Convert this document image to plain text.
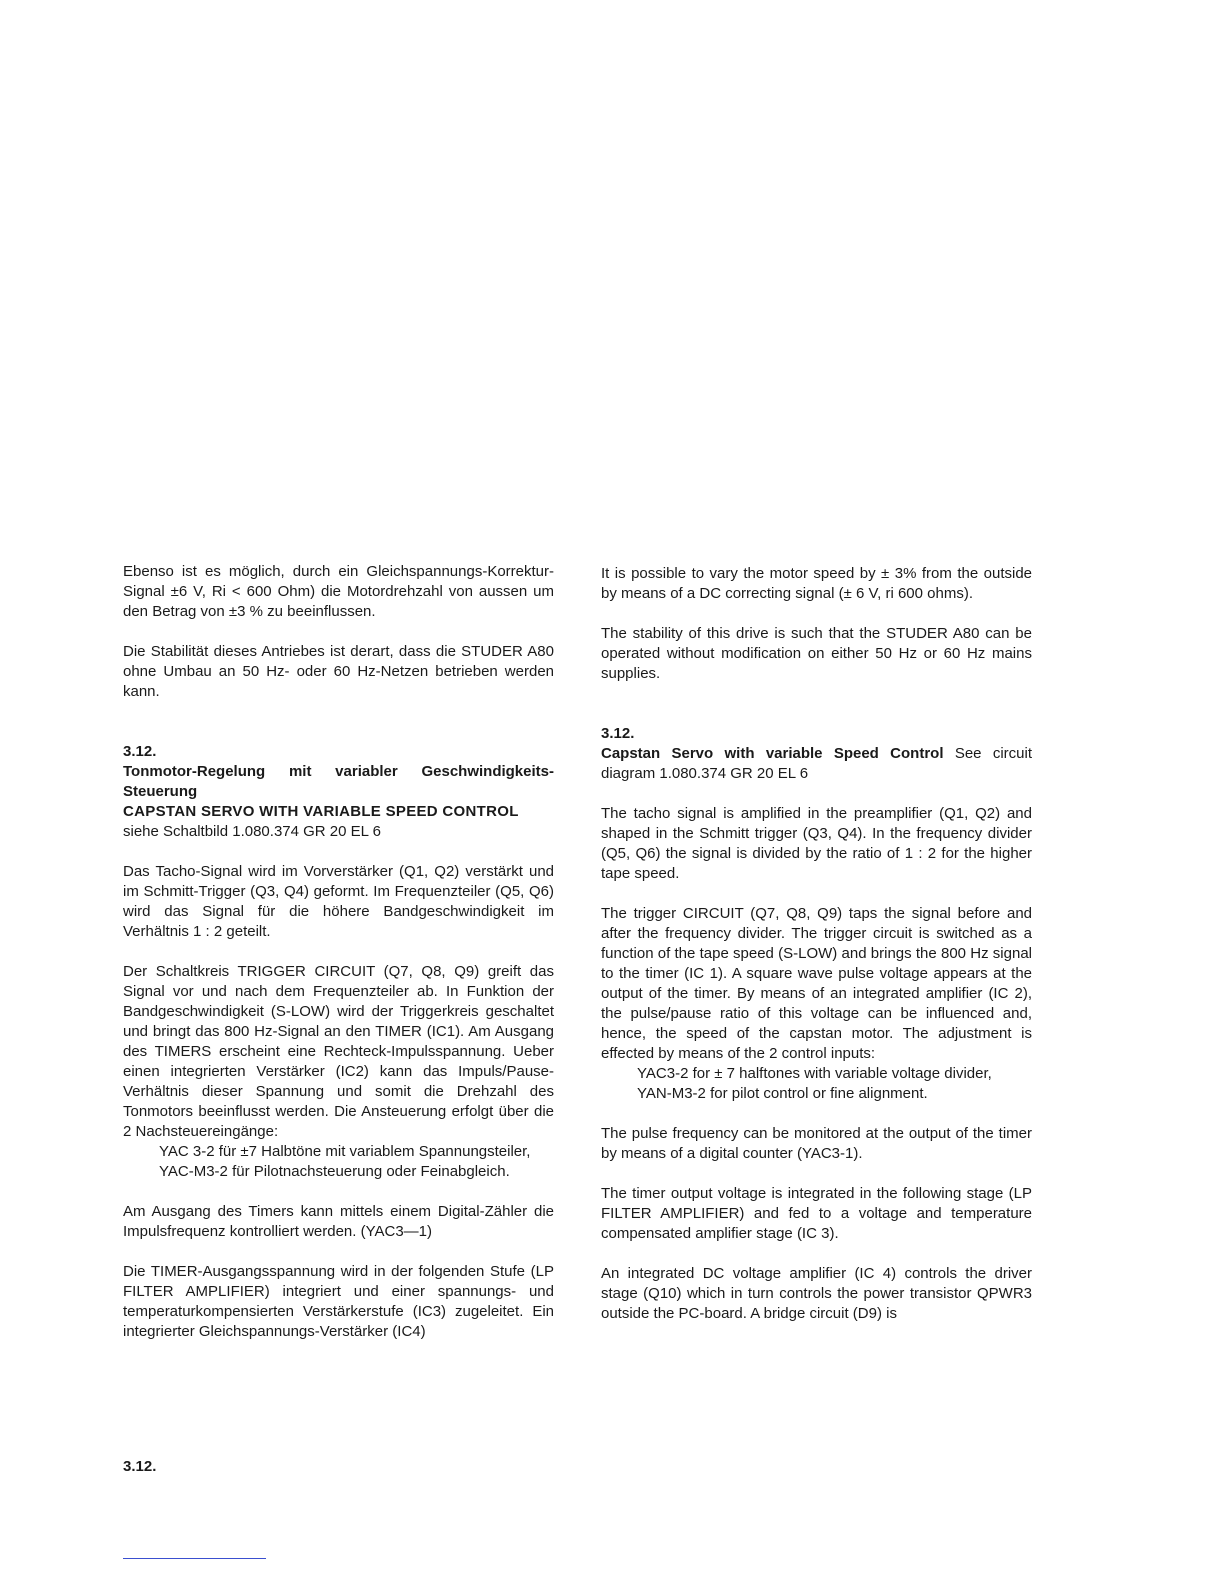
Ebenso ist es möglich, durch ein Gleichspannungs-Korrektur-Signal ±6 V, Ri < 600 Ohm) die Motordrehzahl von aussen um den Betrag von ±3 % zu beeinflussen.

Die Stabilität dieses Antriebes ist derart, dass die STUDER A80 ohne Umbau an 50 Hz- oder 60 Hz-Netzen betrieben werden kann.

3.12.

Tonmotor-Regelung mit variabler Geschwindigkeits-Steuerung

CAPSTAN SERVO WITH VARIABLE SPEED CONTROL

siehe Schaltbild 1.080.374 GR 20 EL 6

Das Tacho-Signal wird im Vorverstärker (Q1, Q2) verstärkt und im Schmitt-Trigger (Q3, Q4) geformt. Im Frequenzteiler (Q5, Q6) wird das Signal für die höhere Bandgeschwindigkeit im Verhältnis 1 : 2 geteilt.

Der Schaltkreis TRIGGER CIRCUIT (Q7, Q8, Q9) greift das Signal vor und nach dem Frequenzteiler ab. In Funktion der Bandgeschwindigkeit (S-LOW) wird der Triggerkreis geschaltet und bringt das 800 Hz-Signal an den TIMER (IC1). Am Ausgang des TIMERS erscheint eine Rechteck-Impulsspannung. Ueber einen integrierten Verstärker (IC2) kann das Impuls/Pause-Verhältnis dieser Spannung und somit die Drehzahl des Tonmotors beeinflusst werden. Die Ansteuerung erfolgt über die 2 Nachsteuereingänge:

YAC 3-2 für ±7 Halbtöne mit variablem Spannungsteiler,

YAC-M3-2 für Pilotnachsteuerung oder Feinabgleich.

Am Ausgang des Timers kann mittels einem Digital-Zähler die Impulsfrequenz kontrolliert werden. (YAC3—1)

Die TIMER-Ausgangsspannung wird in der folgenden Stufe (LP FILTER AMPLIFIER) integriert und einer spannungs- und temperaturkompensierten Verstärkerstufe (IC3) zugeleitet. Ein integrierter Gleichspannungs-Verstärker (IC4)

It is possible to vary the motor speed by ± 3% from the outside by means of a DC correcting signal (± 6 V, ri 600 ohms).

The stability of this drive is such that the STUDER A80 can be operated without modification on either 50 Hz or 60 Hz mains supplies.

3.12.

Capstan Servo with variable Speed Control See circuit diagram 1.080.374 GR 20 EL 6

The tacho signal is amplified in the preamplifier (Q1, Q2) and shaped in the Schmitt trigger (Q3, Q4). In the frequency divider (Q5, Q6) the signal is divided by the ratio of 1 : 2 for the higher tape speed.

The trigger CIRCUIT (Q7, Q8, Q9) taps the signal before and after the frequency divider. The trigger circuit is switched as a function of the tape speed (S-LOW) and brings the 800 Hz signal to the timer (IC 1). A square wave pulse voltage appears at the output of the timer. By means of an integrated amplifier (IC 2), the pulse/pause ratio of this voltage can be influenced and, hence, the speed of the capstan motor. The adjustment is effected by means of the 2 control inputs:

YAC3-2 for ± 7 halftones with variable voltage divider,

YAN-M3-2 for pilot control or fine alignment.

The pulse frequency can be monitored at the output of the timer by means of a digital counter (YAC3-1).

The timer output voltage is integrated in the following stage (LP FILTER AMPLIFIER) and fed to a voltage and temperature compensated amplifier stage (IC 3).

An integrated DC voltage amplifier (IC 4) controls the driver stage (Q10) which in turn controls the power transistor QPWR3 outside the PC-board. A bridge circuit (D9) is

3.12.
